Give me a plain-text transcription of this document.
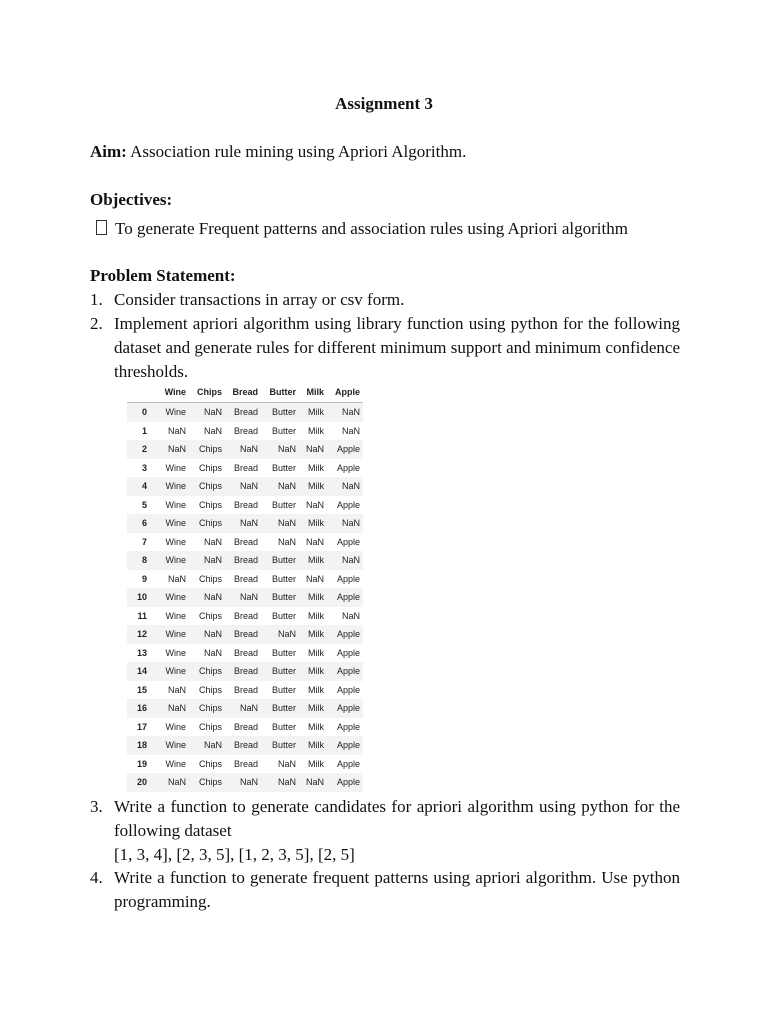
Assignment 3
Aim: Association rule mining using Apriori Algorithm.
Objectives:
To generate Frequent patterns and association rules using Apriori algorithm
Problem Statement:
1. Consider transactions in array or csv form.
2. Implement apriori algorithm using library function using python for the following dataset and generate rules for different minimum support and minimum confidence thresholds.
	Wine	Chips	Bread	Butter	Milk	Apple
0	Wine	NaN	Bread	Butter	Milk	NaN
1	NaN	NaN	Bread	Butter	Milk	NaN
2	NaN	Chips	NaN	NaN	NaN	Apple
3	Wine	Chips	Bread	Butter	Milk	Apple
4	Wine	Chips	NaN	NaN	Milk	NaN
5	Wine	Chips	Bread	Butter	NaN	Apple
6	Wine	Chips	NaN	NaN	Milk	NaN
7	Wine	NaN	Bread	NaN	NaN	Apple
8	Wine	NaN	Bread	Butter	Milk	NaN
9	NaN	Chips	Bread	Butter	NaN	Apple
10	Wine	NaN	NaN	Butter	Milk	Apple
11	Wine	Chips	Bread	Butter	Milk	NaN
12	Wine	NaN	Bread	NaN	Milk	Apple
13	Wine	NaN	Bread	Butter	Milk	Apple
14	Wine	Chips	Bread	Butter	Milk	Apple
15	NaN	Chips	Bread	Butter	Milk	Apple
16	NaN	Chips	NaN	Butter	Milk	Apple
17	Wine	Chips	Bread	Butter	Milk	Apple
18	Wine	NaN	Bread	Butter	Milk	Apple
19	Wine	Chips	Bread	NaN	Milk	Apple
20	NaN	Chips	NaN	NaN	NaN	Apple
3. Write a function to generate candidates for apriori algorithm using python for the following dataset
[1, 3, 4], [2, 3, 5], [1, 2, 3, 5], [2, 5]
4. Write a function to generate frequent patterns using apriori algorithm. Use python programming.
